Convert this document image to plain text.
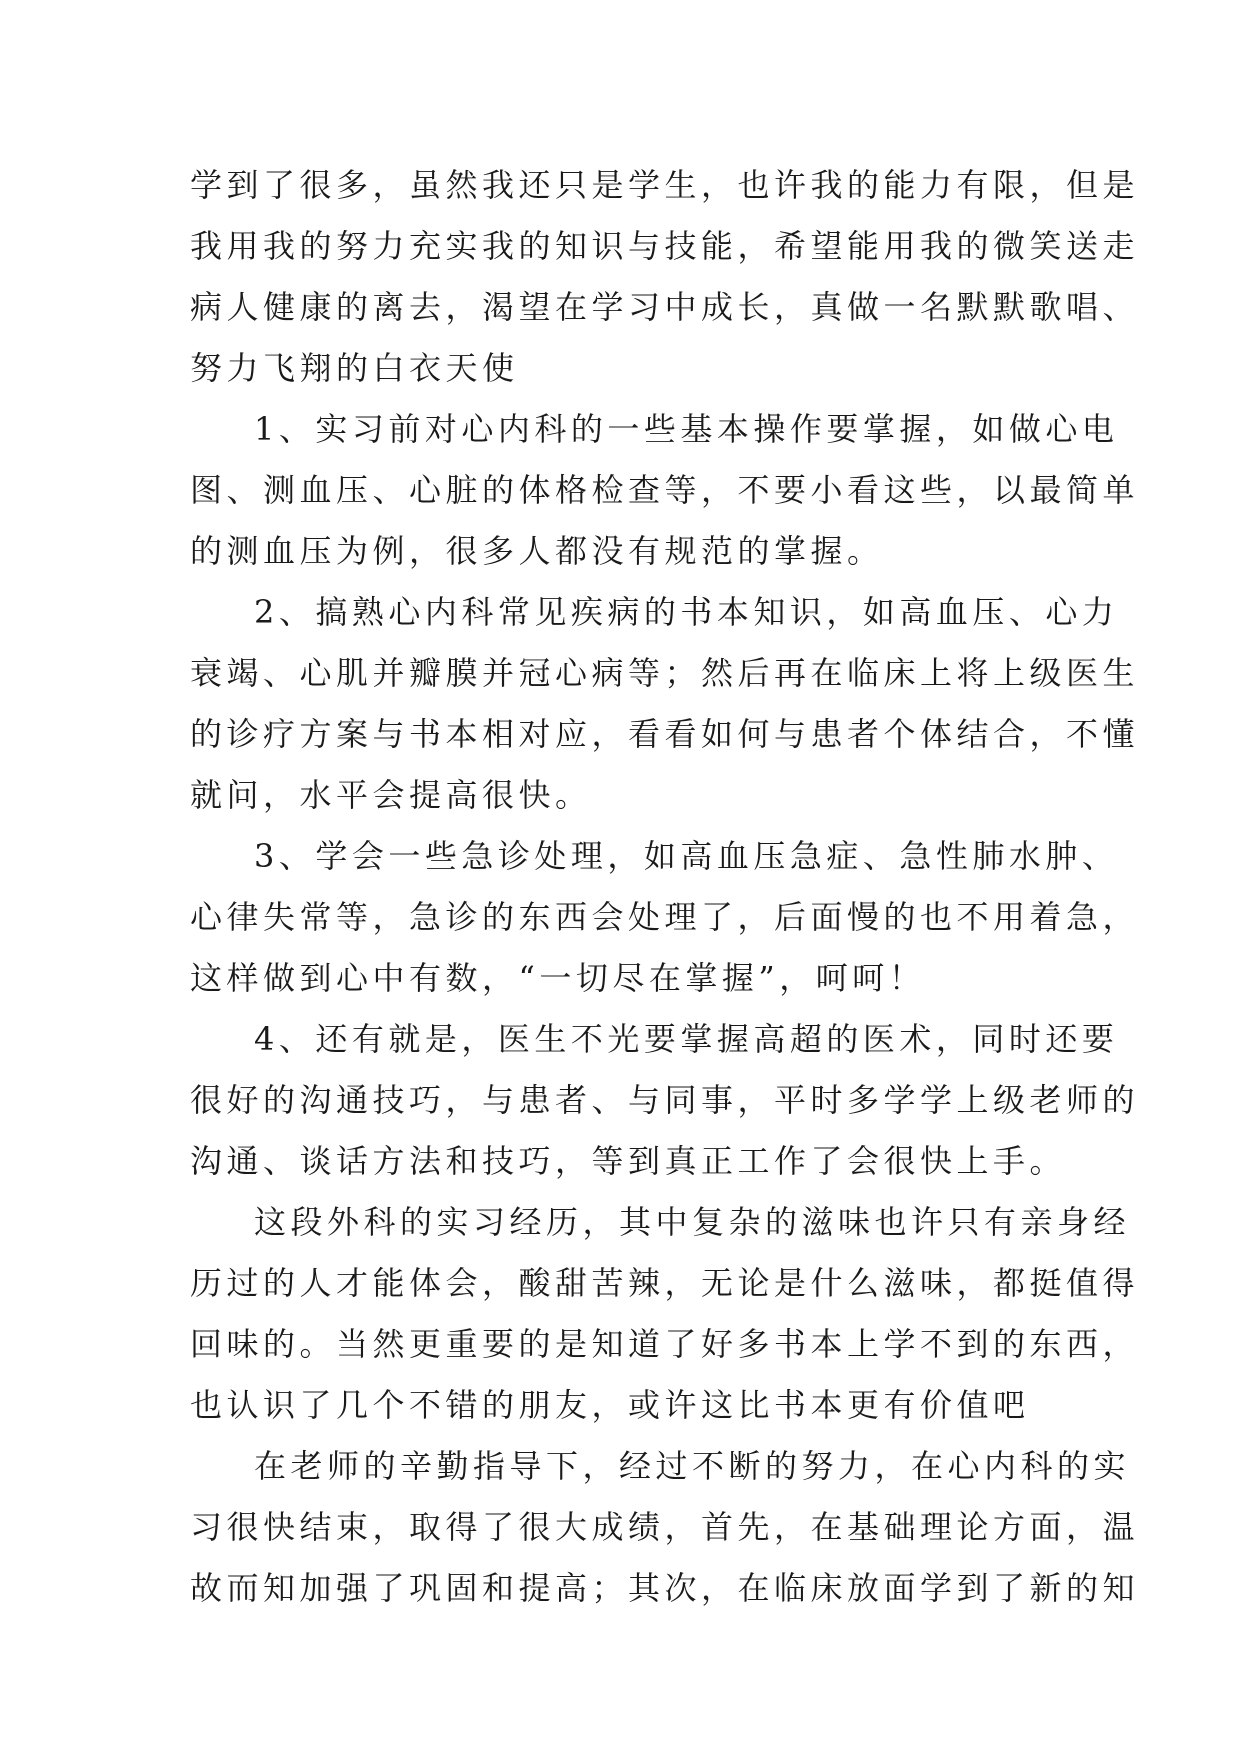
学到了很多，虽然我还只是学生，也许我的能力有限，但是
我用我的努力充实我的知识与技能，希望能用我的微笑送走
病人健康的离去，渴望在学习中成长，真做一名默默歌唱、
努力飞翔的白衣天使
1、实习前对心内科的一些基本操作要掌握，如做心电
图、测血压、心脏的体格检查等，不要小看这些，以最简单
的测血压为例，很多人都没有规范的掌握。
2、搞熟心内科常见疾病的书本知识，如高血压、心力
衰竭、心肌并瓣膜并冠心病等；然后再在临床上将上级医生
的诊疗方案与书本相对应，看看如何与患者个体结合，不懂
就问，水平会提高很快。
3、学会一些急诊处理，如高血压急症、急性肺水肿、
心律失常等，急诊的东西会处理了，后面慢的也不用着急，
这样做到心中有数，“一切尽在掌握”，呵呵！
4、还有就是，医生不光要掌握高超的医术，同时还要
很好的沟通技巧，与患者、与同事，平时多学学上级老师的
沟通、谈话方法和技巧，等到真正工作了会很快上手。
这段外科的实习经历，其中复杂的滋味也许只有亲身经
历过的人才能体会，酸甜苦辣，无论是什么滋味，都挺值得
回味的。当然更重要的是知道了好多书本上学不到的东西，
也认识了几个不错的朋友，或许这比书本更有价值吧
在老师的辛勤指导下，经过不断的努力，在心内科的实
习很快结束，取得了很大成绩，首先，在基础理论方面，温
故而知加强了巩固和提高；其次，在临床放面学到了新的知
